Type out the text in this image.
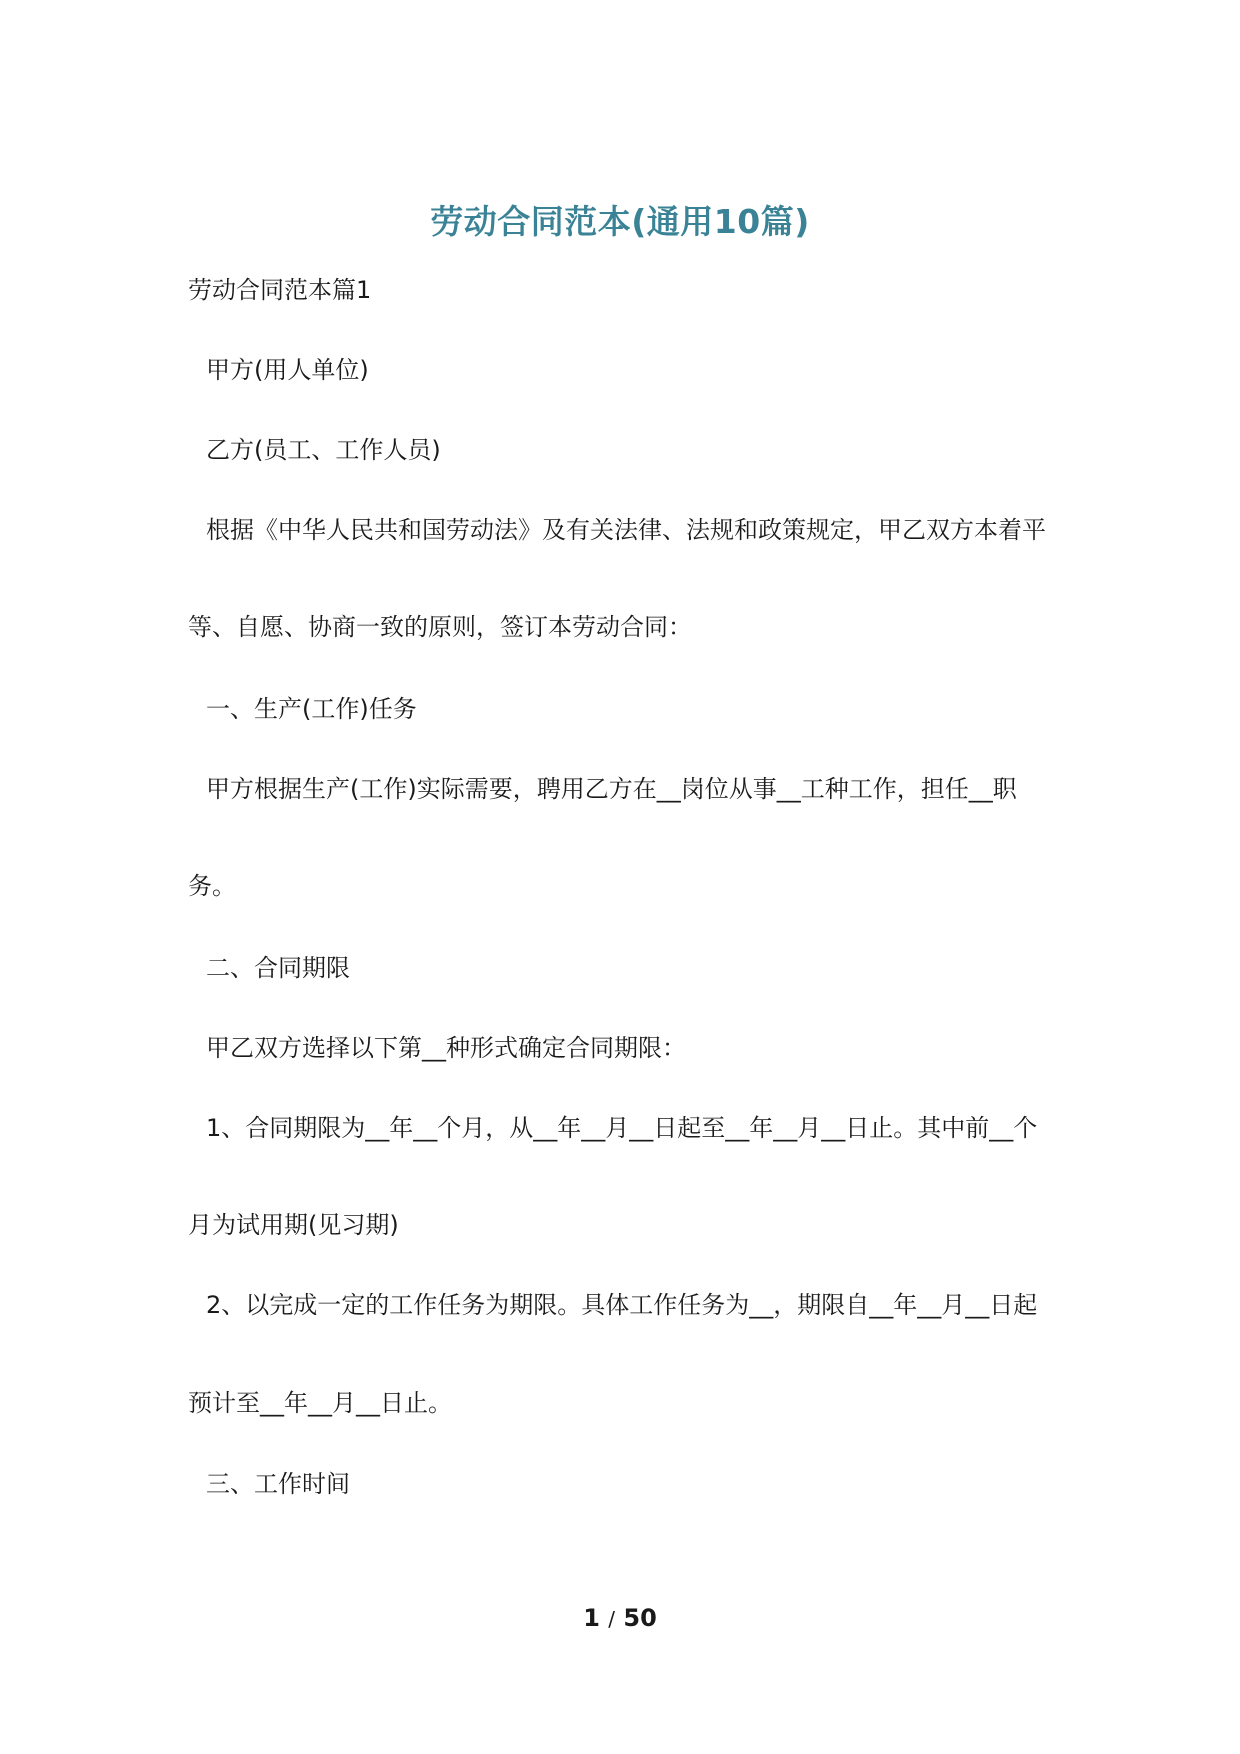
劳动合同范本(通用10篇)
劳动合同范本篇1
甲方(用人单位)
乙方(员工、工作人员)
根据《中华人民共和国劳动法》及有关法律、法规和政策规定，甲乙双方本着平
等、自愿、协商一致的原则，签订本劳动合同：
一、生产(工作)任务
甲方根据生产(工作)实际需要，聘用乙方在__岗位从事__工种工作，担任__职
务。
二、合同期限
甲乙双方选择以下第__种形式确定合同期限：
1、合同期限为__年__个月，从__年__月__日起至__年__月__日止。其中前__个
月为试用期(见习期)
2、以完成一定的工作任务为期限。具体工作任务为__，期限自__年__月__日起
预计至__年__月__日止。
三、工作时间
1 / 50
